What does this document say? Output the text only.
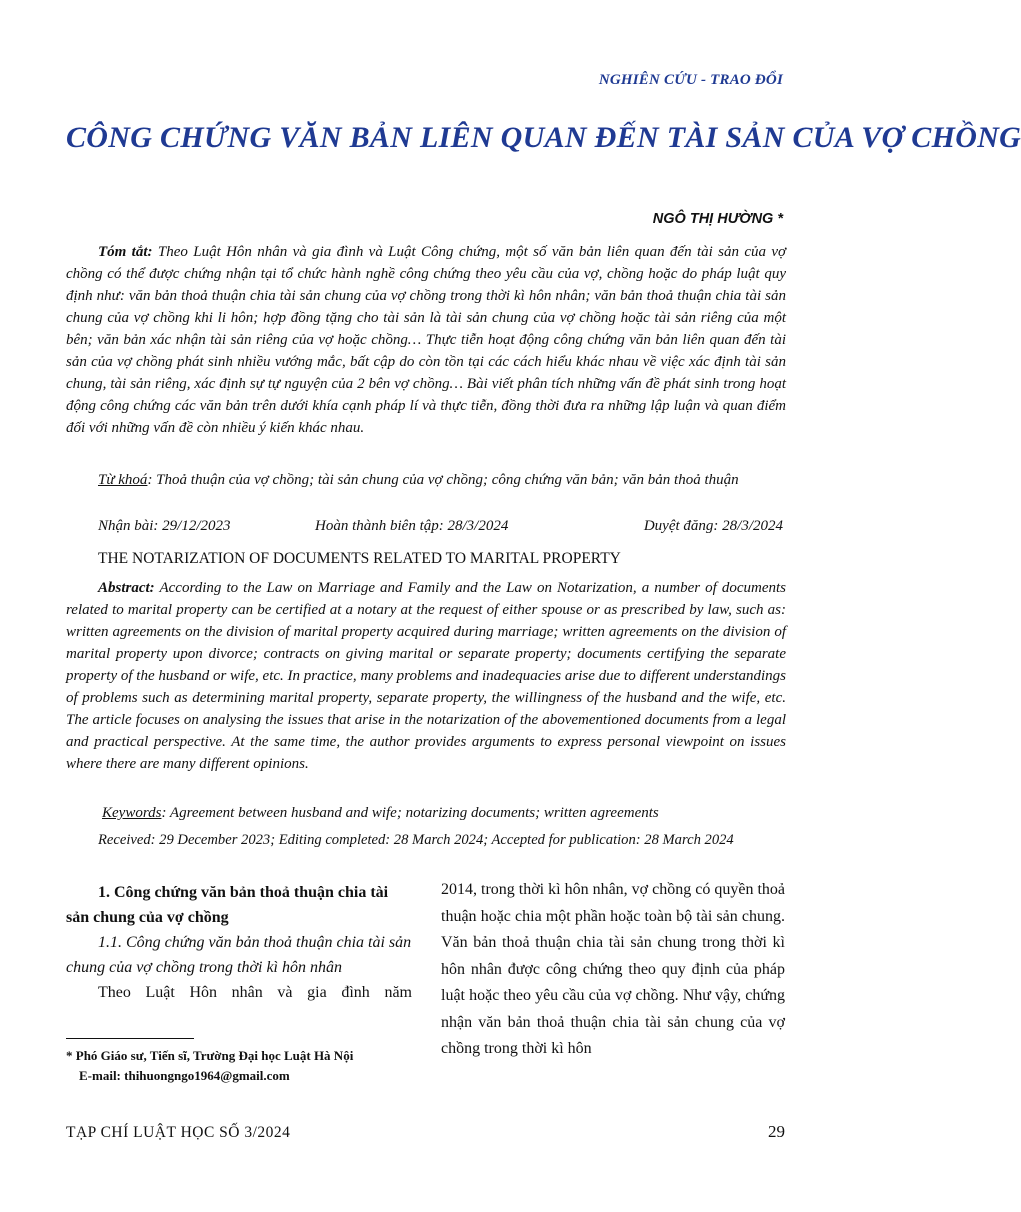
NGHIÊN CỨU - TRAO ĐỔI
CÔNG CHỨNG VĂN BẢN LIÊN QUAN ĐẾN TÀI SẢN CỦA VỢ CHỒNG
NGÔ THỊ HƯỜNG *

Tóm tắt: Theo Luật Hôn nhân và gia đình và Luật Công chứng, một số văn bản liên quan đến tài sản của vợ chồng có thể được chứng nhận tại tổ chức hành nghề công chứng theo yêu cầu của vợ, chồng hoặc do pháp luật quy định như: văn bản thoả thuận chia tài sản chung của vợ chồng trong thời kì hôn nhân; văn bản thoả thuận chia tài sản chung của vợ chồng khi li hôn; hợp đồng tặng cho tài sản là tài sản chung của vợ chồng hoặc tài sản riêng của một bên; văn bản xác nhận tài sản riêng của vợ hoặc chồng… Thực tiễn hoạt động công chứng văn bản liên quan đến tài sản của vợ chồng phát sinh nhiều vướng mắc, bất cập do còn tồn tại các cách hiểu khác nhau về việc xác định tài sản chung, tài sản riêng, xác định sự tự nguyện của 2 bên vợ chồng… Bài viết phân tích những vấn đề phát sinh trong hoạt động công chứng các văn bản trên dưới khía cạnh pháp lí và thực tiễn, đồng thời đưa ra những lập luận và quan điểm đối với những vấn đề còn nhiều ý kiến khác nhau.

Từ khoá: Thoả thuận của vợ chồng; tài sản chung của vợ chồng; công chứng văn bản; văn bản thoả thuận

Nhận bài: 29/12/2023	Hoàn thành biên tập: 28/3/2024	Duyệt đăng: 28/3/2024
THE NOTARIZATION OF DOCUMENTS RELATED TO MARITAL PROPERTY

Abstract: According to the Law on Marriage and Family and the Law on Notarization, a number of documents related to marital property can be certified at a notary at the request of either spouse or as prescribed by law, such as: written agreements on the division of marital property acquired during marriage; written agreements on the division of marital property upon divorce; contracts on giving marital or separate property; documents certifying the separate property of the husband or wife, etc. In practice, many problems and inadequacies arise due to different understandings of problems such as determining marital property, separate property, the willingness of the husband and the wife, etc. The article focuses on analysing the issues that arise in the notarization of the abovementioned documents from a legal and practical perspective. At the same time, the author provides arguments to express personal viewpoint on issues where there are many different opinions.

Keywords: Agreement between husband and wife; notarizing documents; written agreements
Received: 29 December 2023; Editing completed: 28 March 2024; Accepted for publication: 28 March 2024

1. Công chứng văn bản thoả thuận chia tài sản chung của vợ chồng

1.1. Công chứng văn bản thoả thuận chia tài sản chung của vợ chồng trong thời kì hôn nhân

Theo Luật Hôn nhân và gia đình năm

2014, trong thời kì hôn nhân, vợ chồng có quyền thoả thuận hoặc chia một phần hoặc toàn bộ tài sản chung. Văn bản thoả thuận chia tài sản chung trong thời kì hôn nhân được công chứng theo quy định của pháp luật hoặc theo yêu cầu của vợ chồng. Như vậy, chứng nhận văn bản thoả thuận chia tài sản chung của vợ chồng trong thời kì hôn

* Phó Giáo sư, Tiến sĩ, Trường Đại học Luật Hà Nội
E-mail: thihuongngo1964@gmail.com
TẠP CHÍ LUẬT HỌC SỐ 3/2024	29
